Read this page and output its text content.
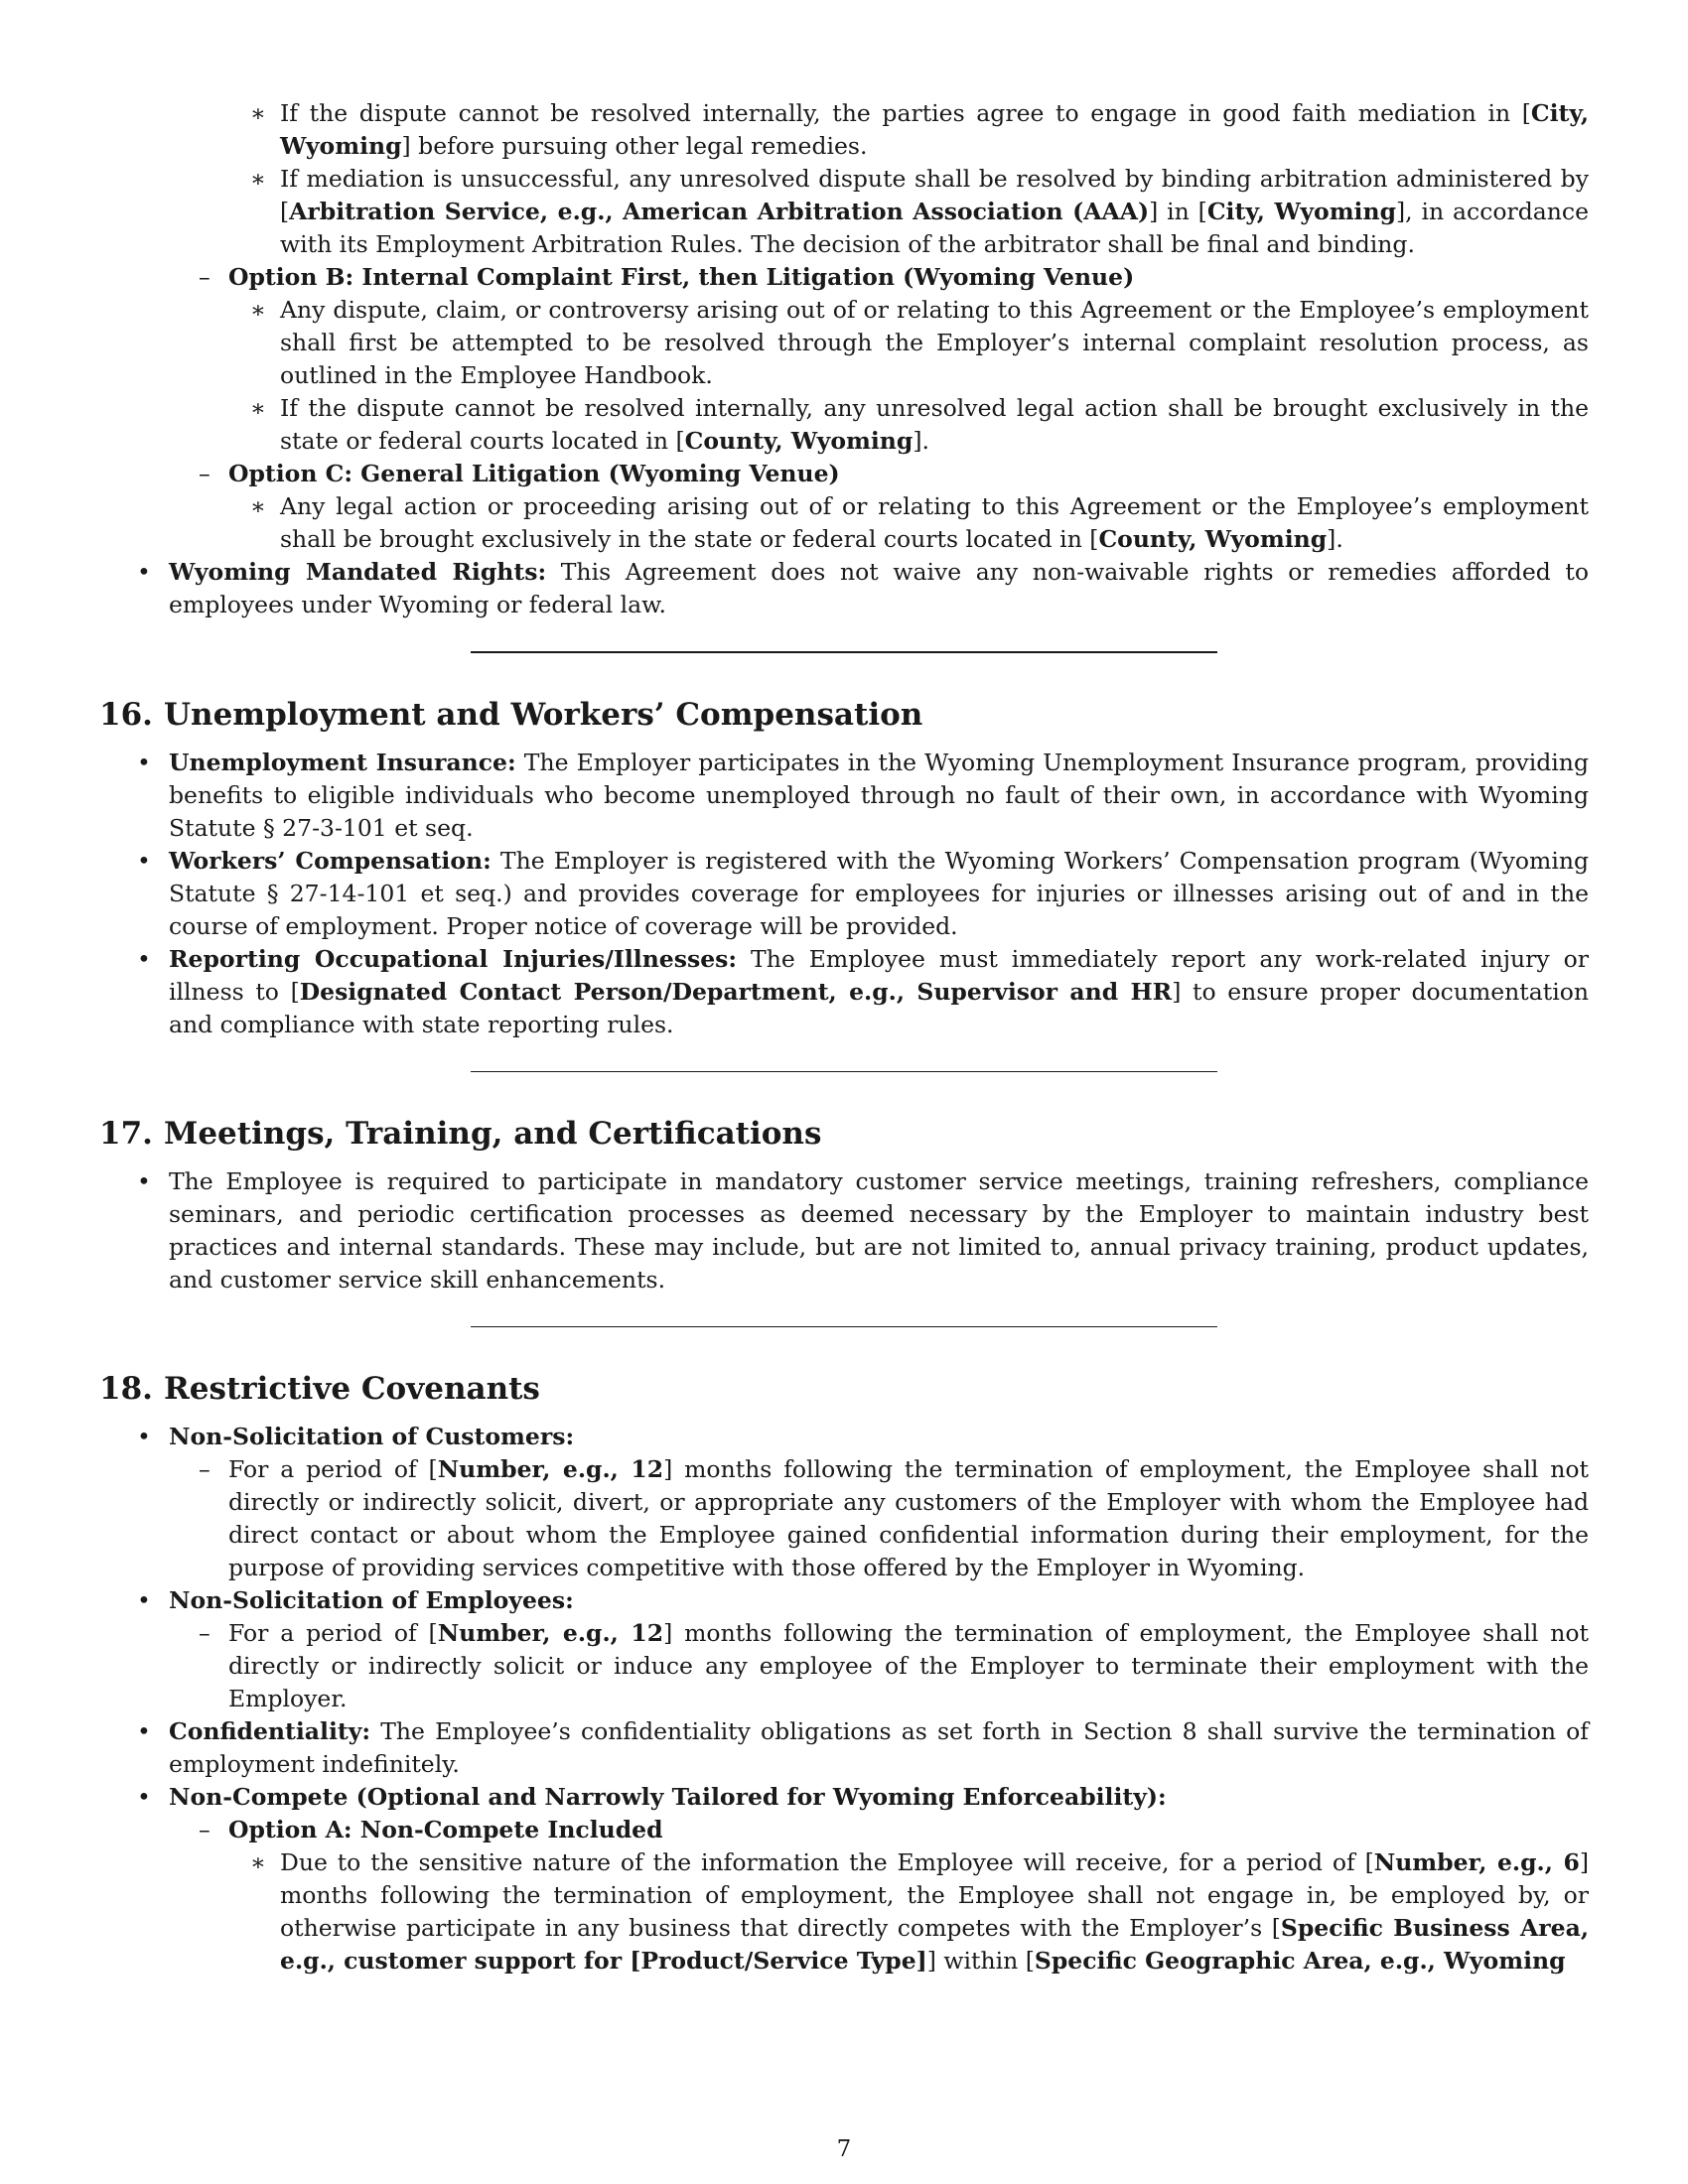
∗ If the dispute cannot be resolved internally, the parties agree to engage in good faith mediation in [City, Wyoming] before pursuing other legal remedies.
∗ If mediation is unsuccessful, any unresolved dispute shall be resolved by binding arbitration administered by [Arbitration Service, e.g., American Arbitration Association (AAA)] in [City, Wyoming], in accordance with its Employment Arbitration Rules. The decision of the arbitrator shall be final and binding.
– Option B: Internal Complaint First, then Litigation (Wyoming Venue)
∗ Any dispute, claim, or controversy arising out of or relating to this Agreement or the Employee’s employment shall first be attempted to be resolved through the Employer’s internal complaint resolution process, as outlined in the Employee Handbook.
∗ If the dispute cannot be resolved internally, any unresolved legal action shall be brought exclusively in the state or federal courts located in [County, Wyoming].
– Option C: General Litigation (Wyoming Venue)
∗ Any legal action or proceeding arising out of or relating to this Agreement or the Employee’s employment shall be brought exclusively in the state or federal courts located in [County, Wyoming].
• Wyoming Mandated Rights: This Agreement does not waive any non-waivable rights or remedies afforded to employees under Wyoming or federal law.
16. Unemployment and Workers’ Compensation
• Unemployment Insurance: The Employer participates in the Wyoming Unemployment Insurance program, providing benefits to eligible individuals who become unemployed through no fault of their own, in accordance with Wyoming Statute § 27-3-101 et seq.
• Workers’ Compensation: The Employer is registered with the Wyoming Workers’ Compensation program (Wyoming Statute § 27-14-101 et seq.) and provides coverage for employees for injuries or illnesses arising out of and in the course of employment. Proper notice of coverage will be provided.
• Reporting Occupational Injuries/Illnesses: The Employee must immediately report any work-related injury or illness to [Designated Contact Person/Department, e.g., Supervisor and HR] to ensure proper documentation and compliance with state reporting rules.
17. Meetings, Training, and Certifications
• The Employee is required to participate in mandatory customer service meetings, training refreshers, compliance seminars, and periodic certification processes as deemed necessary by the Employer to maintain industry best practices and internal standards. These may include, but are not limited to, annual privacy training, product updates, and customer service skill enhancements.
18. Restrictive Covenants
• Non-Solicitation of Customers:
– For a period of [Number, e.g., 12] months following the termination of employment, the Employee shall not directly or indirectly solicit, divert, or appropriate any customers of the Employer with whom the Employee had direct contact or about whom the Employee gained confidential information during their employment, for the purpose of providing services competitive with those offered by the Employer in Wyoming.
• Non-Solicitation of Employees:
– For a period of [Number, e.g., 12] months following the termination of employment, the Employee shall not directly or indirectly solicit or induce any employee of the Employer to terminate their employment with the Employer.
• Confidentiality: The Employee’s confidentiality obligations as set forth in Section 8 shall survive the termination of employment indefinitely.
• Non-Compete (Optional and Narrowly Tailored for Wyoming Enforceability):
– Option A: Non-Compete Included
∗ Due to the sensitive nature of the information the Employee will receive, for a period of [Number, e.g., 6] months following the termination of employment, the Employee shall not engage in, be employed by, or otherwise participate in any business that directly competes with the Employer’s [Specific Business Area, e.g., customer support for [Product/Service Type]] within [Specific Geographic Area, e.g., Wyoming
7
